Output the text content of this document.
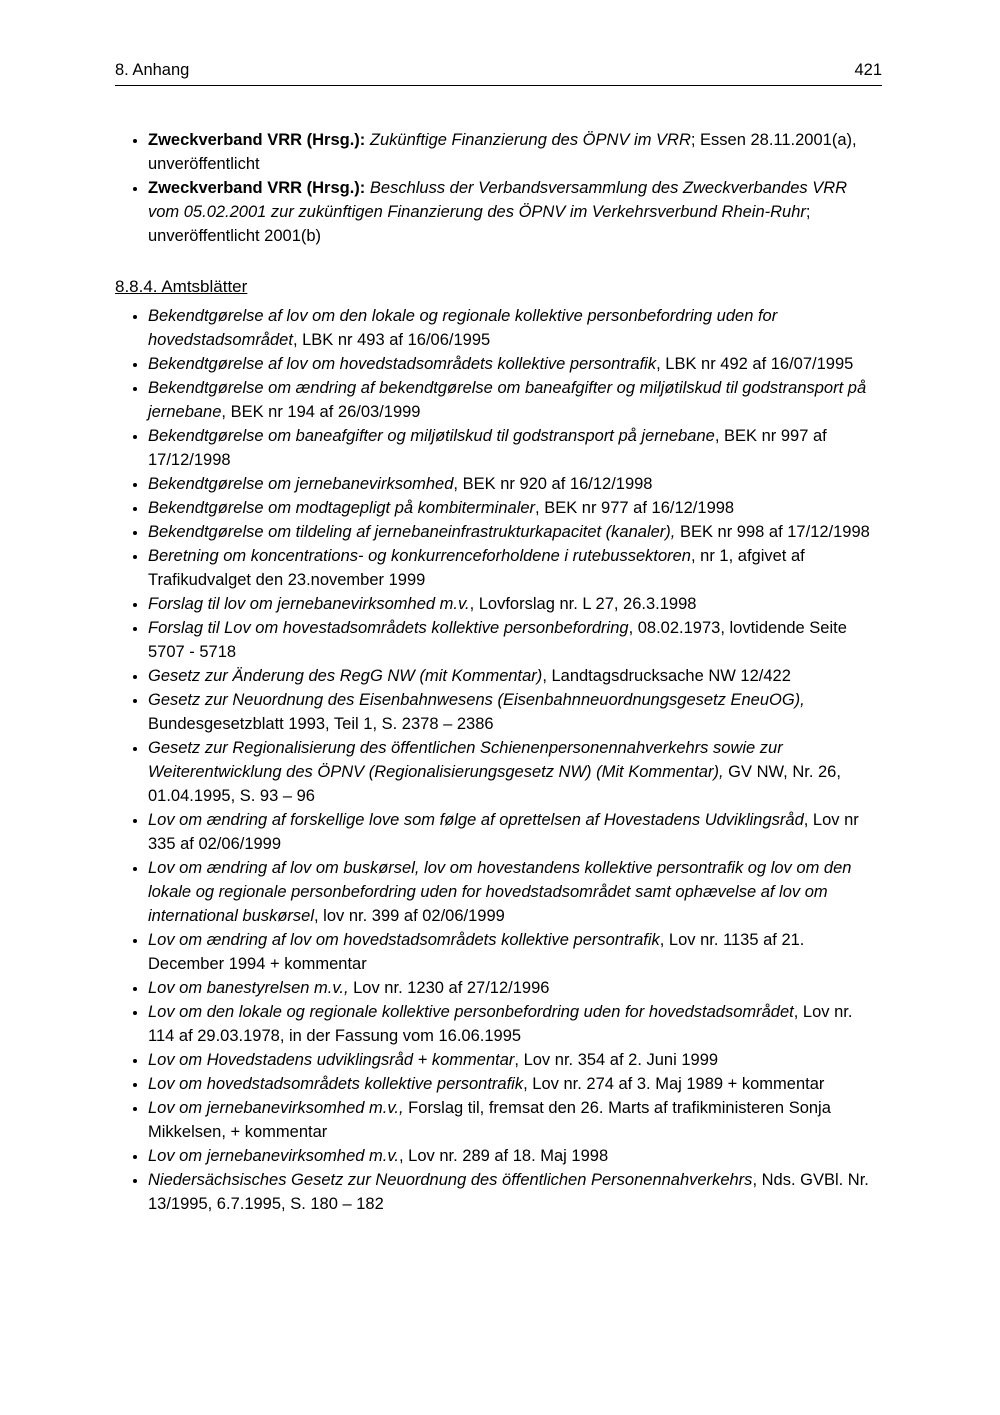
8. Anhang	421
• Zweckverband VRR (Hrsg.): Zukünftige Finanzierung des ÖPNV im VRR; Essen 28.11.2001(a), unveröffentlicht
• Zweckverband VRR (Hrsg.): Beschluss der Verbandsversammlung des Zweckverbandes VRR vom 05.02.2001 zur zukünftigen Finanzierung des ÖPNV im Verkehrsverbund Rhein-Ruhr; unveröffentlicht 2001(b)
8.8.4. Amtsblätter
• Bekendtgørelse af lov om den lokale og regionale kollektive personbefordring uden for hovedstadsområdet, LBK nr 493 af 16/06/1995
• Bekendtgørelse af lov om hovedstadsområdets kollektive persontrafik, LBK nr 492 af 16/07/1995
• Bekendtgørelse om ændring af bekendtgørelse om baneafgifter og miljøtilskud til godstransport på jernebane, BEK nr 194 af 26/03/1999
• Bekendtgørelse om baneafgifter og miljøtilskud til godstransport på jernebane, BEK nr 997 af 17/12/1998
• Bekendtgørelse om jernebanevirksomhed, BEK nr 920 af 16/12/1998
• Bekendtgørelse om modtagepligt på kombiterminaler, BEK nr 977 af 16/12/1998
• Bekendtgørelse om tildeling af jernebaneinfrastrukturkapacitet (kanaler), BEK nr 998 af 17/12/1998
• Beretning om koncentrations- og konkurrenceforholdene i rutebussektoren, nr 1, afgivet af Trafikudvalget den 23.november 1999
• Forslag til lov om jernebanevirksomhed m.v., Lovforslag nr. L 27, 26.3.1998
• Forslag til Lov om hovestadsområdets kollektive personbefordring, 08.02.1973, lovtidende Seite 5707 - 5718
• Gesetz zur Änderung des RegG NW (mit Kommentar), Landtagsdrucksache NW 12/422
• Gesetz zur Neuordnung des Eisenbahnwesens (Eisenbahnneuordnungsgesetz EneuOG), Bundesgesetzblatt 1993, Teil 1, S. 2378 – 2386
• Gesetz zur Regionalisierung des öffentlichen Schienenpersonennahverkehrs sowie zur Weiterentwicklung des ÖPNV (Regionalisierungsgesetz NW) (Mit Kommentar), GV NW, Nr. 26, 01.04.1995, S. 93 – 96
• Lov om ændring af forskellige love som følge af oprettelsen af Hovestadens Udviklingsråd, Lov nr 335 af 02/06/1999
• Lov om ændring af lov om buskørsel, lov om hovestandens kollektive persontrafik og lov om den lokale og regionale personbefordring uden for hovedstadsområdet samt ophævelse af lov om international buskørsel, lov nr. 399 af 02/06/1999
• Lov om ændring af lov om hovedstadsområdets kollektive persontrafik, Lov nr. 1135 af 21. December 1994 + kommentar
• Lov om banestyrelsen m.v., Lov nr. 1230 af 27/12/1996
• Lov om den lokale og regionale kollektive personbefordring uden for hovedstadsområdet, Lov nr. 114 af 29.03.1978, in der Fassung vom 16.06.1995
• Lov om Hovedstadens udviklingsråd + kommentar, Lov nr. 354 af 2. Juni 1999
• Lov om hovedstadsområdets kollektive persontrafik, Lov nr. 274 af 3. Maj 1989 + kommentar
• Lov om jernebanevirksomhed m.v., Forslag til, fremsat den 26. Marts af trafikministeren Sonja Mikkelsen, + kommentar
• Lov om jernebanevirksomhed m.v., Lov nr. 289 af 18. Maj 1998
• Niedersächsisches Gesetz zur Neuordnung des öffentlichen Personennahverkehrs, Nds. GVBl. Nr. 13/1995, 6.7.1995, S. 180 – 182
